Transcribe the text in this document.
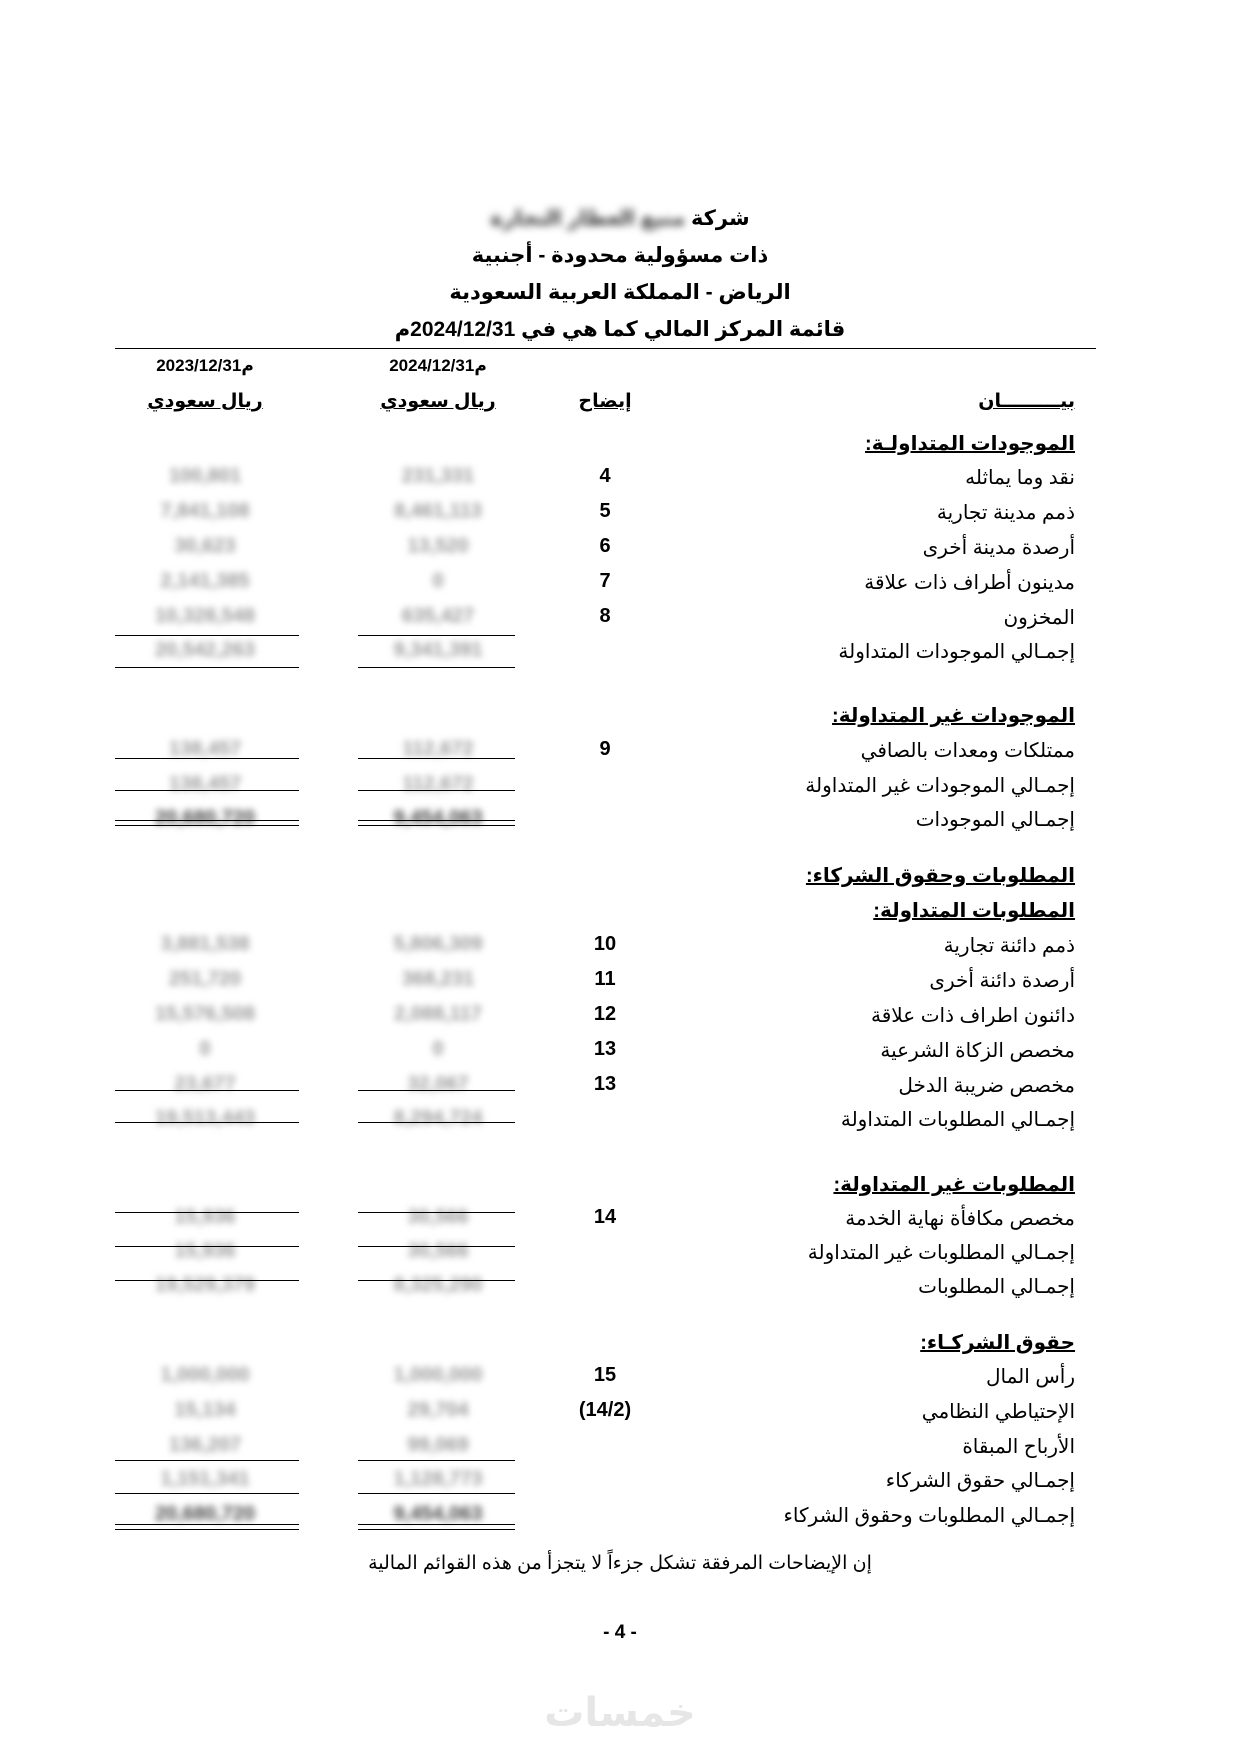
شركة منيع العطار التجارة
ذات مسؤولية محدودة - أجنبية
الرياض - المملكة العربية السعودية
قائمة المركز المالي كما هي في 2024/12/31م
2024/12/31م
2023/12/31م
ريال سعودي
ريال سعودي	إيضاح	بيـــــــــان
الموجودات المتداولـة:
نقد وما يماثله
4
231,331
100,801
ذمم مدينة تجارية
5
8,461,113
7,841,108
أرصدة مدينة أخرى
6
13,520
30,623
مدينون أطراف ذات علاقة
7
0
2,141,385
المخزون
8
635,427
10,328,548
إجمـالي الموجودات المتداولة
9,341,391
20,542,263
الموجودات غير المتداولة:
ممتلكات ومعدات بالصافي
9
112,672
138,457
إجمـالي الموجودات غير المتداولة
112,672
138,457
إجمـالي الموجودات
9,454,063
20,680,720
المطلوبات وحقوق الشركاء:
المطلوبات المتداولة:
ذمم دائنة تجارية
10
5,806,309
3,881,538
أرصدة دائنة أخرى
11
368,231
251,720
دائنون اطراف ذات علاقة
12
2,088,117
15,576,508
مخصص الزكاة الشرعية
13
0
0
مخصص ضريبة الدخل
13
32,067
23,677
إجمـالي المطلوبات المتداولة
8,294,724
19,513,443
المطلوبات غير المتداولة:
مخصص مكافأة نهاية الخدمة
14
30,566
15,936
إجمـالي المطلوبات غير المتداولة
30,566
15,936
إجمـالي المطلوبات
8,325,290
19,529,379
حقوق الشركـاء:
رأس المال
15
1,000,000
1,000,000
الإحتياطي النظامي
(14/2)
29,704
15,134
الأرباح المبقاة
99,069
136,207
إجمـالي حقوق الشركاء
1,128,773
1,151,341
إجمـالي المطلوبات وحقوق الشركاء
9,454,063
20,680,720
إن الإيضاحات المرفقة تشكل جزءاً لا يتجزأ من هذه القوائم المالية
- 4 -
خمسات
